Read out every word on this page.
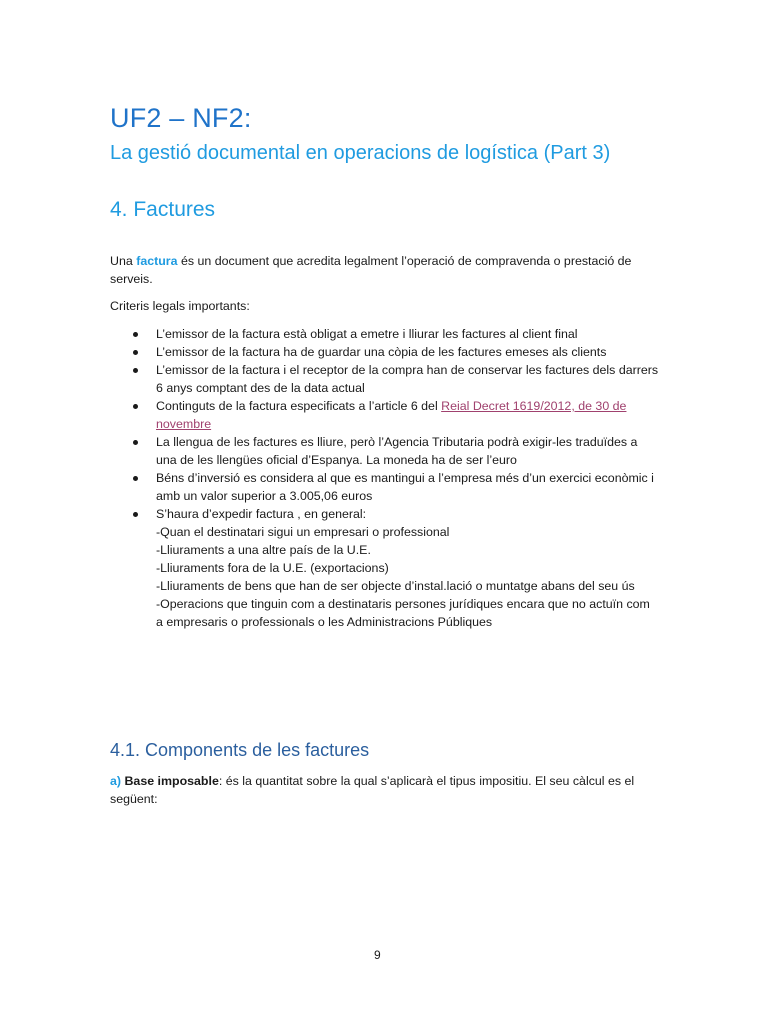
UF2 – NF2:
La gestió documental en operacions de logística (Part 3)
4. Factures
Una factura és un document que acredita legalment l’operació de compravenda o prestació de serveis.
Criteris legals importants:
L’emissor de la factura està obligat a emetre i lliurar les factures al client final
L’emissor de la factura ha de guardar una còpia de les factures emeses als clients
L’emissor de la factura i el receptor de la compra han de conservar les factures dels darrers 6 anys comptant des de la data actual
Continguts de la factura especificats a l’article 6 del Reial Decret 1619/2012, de 30 de novembre
La llengua de les factures es lliure, però l’Agencia Tributaria podrà exigir-les traduïdes a una de les llengües oficial d’Espanya. La moneda ha de ser l’euro
Béns d’inversió es considera al que es mantingui a l’empresa més d’un exercici econòmic i amb un valor superior a 3.005,06 euros
S’haura d’expedir factura , en general:
-Quan el destinatari sigui un empresari o professional
-Lliuraments a una altre país de la U.E.
-Lliuraments fora de la U.E. (exportacions)
-Lliuraments de bens que han de ser objecte d’instal.lació o muntatge abans del seu ús
-Operacions que tinguin com a destinataris persones jurídiques encara que no actuïn com a empresaris o professionals o les Administracions Públiques
4.1. Components de les factures
a) Base imposable: és la quantitat sobre la qual s’aplicarà el tipus impositiu. El seu càlcul es el següent:
9
